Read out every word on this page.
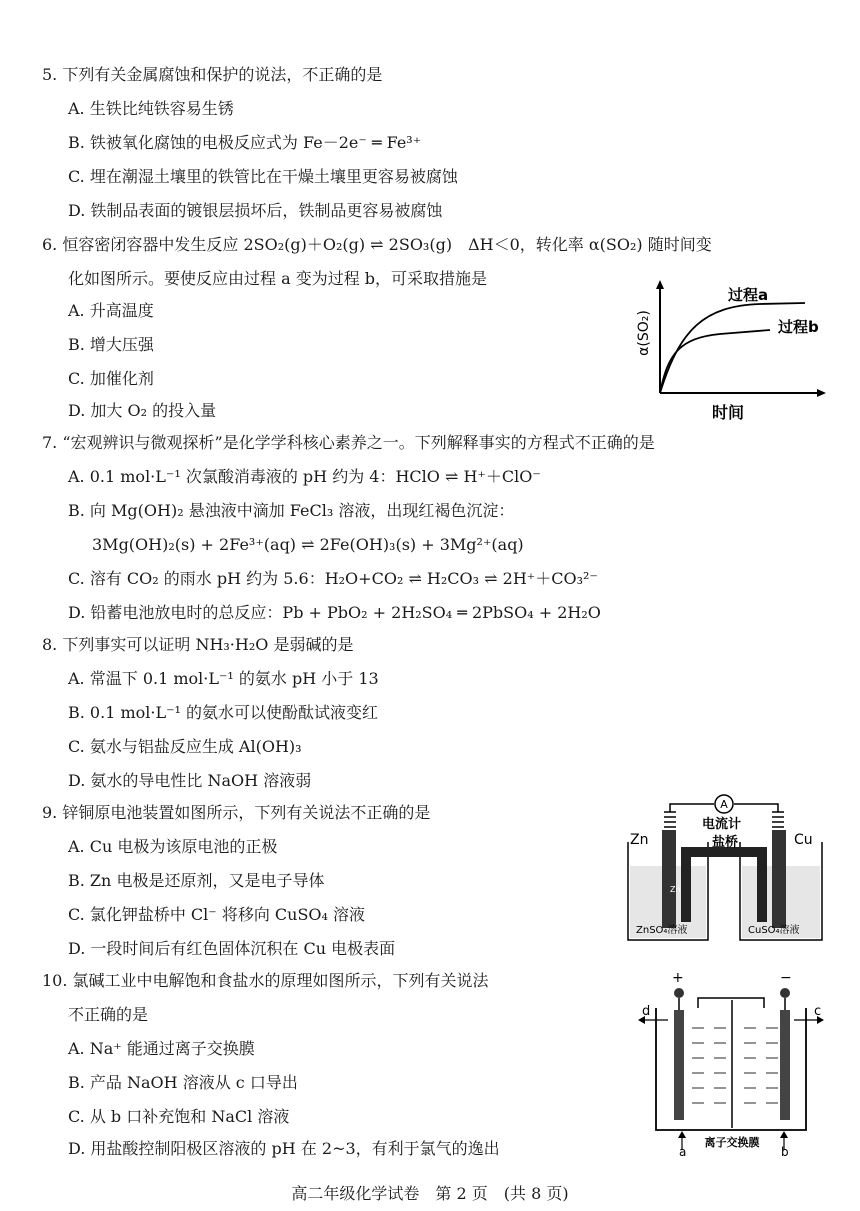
5. 下列有关金属腐蚀和保护的说法，不正确的是
A. 生铁比纯铁容易生锈
B. 铁被氧化腐蚀的电极反应式为 Fe－2e⁻ ═ Fe³⁺
C. 埋在潮湿土壤里的铁管比在干燥土壤里更容易被腐蚀
D. 铁制品表面的镀银层损坏后，铁制品更容易被腐蚀
6. 恒容密闭容器中发生反应 2SO₂(g)＋O₂(g) ⇌ 2SO₃(g)　ΔH＜0，转化率 α(SO₂) 随时间变
化如图所示。要使反应由过程 a 变为过程 b，可采取措施是
A. 升高温度
B. 增大压强
C. 加催化剂
D. 加大 O₂ 的投入量
α(SO₂)
时间
过程a
过程b
7. “宏观辨识与微观探析”是化学学科核心素养之一。下列解释事实的方程式不正确的是
A. 0.1 mol·L⁻¹ 次氯酸消毒液的 pH 约为 4：HClO ⇌ H⁺＋ClO⁻
B. 向 Mg(OH)₂ 悬浊液中滴加 FeCl₃ 溶液，出现红褐色沉淀：
3Mg(OH)₂(s) + 2Fe³⁺(aq) ⇌ 2Fe(OH)₃(s) + 3Mg²⁺(aq)
C. 溶有 CO₂ 的雨水 pH 约为 5.6：H₂O+CO₂ ⇌ H₂CO₃ ⇌ 2H⁺＋CO₃²⁻
D. 铅蓄电池放电时的总反应：Pb + PbO₂ + 2H₂SO₄ ═ 2PbSO₄ + 2H₂O
8. 下列事实可以证明 NH₃·H₂O 是弱碱的是
A. 常温下 0.1 mol·L⁻¹ 的氨水 pH 小于 13
B. 0.1 mol·L⁻¹ 的氨水可以使酚酞试液变红
C. 氨水与铝盐反应生成 Al(OH)₃
D. 氨水的导电性比 NaOH 溶液弱
9. 锌铜原电池装置如图所示，下列有关说法不正确的是
A. Cu 电极为该原电池的正极
B. Zn 电极是还原剂，又是电子导体
C. 氯化钾盐桥中 Cl⁻ 将移向 CuSO₄ 溶液
D. 一段时间后有红色固体沉积在 Cu 电极表面
A
电流计
盐桥
Zn	Cu
Zn
ZnSO₄溶液	CuSO₄溶液
10. 氯碱工业中电解饱和食盐水的原理如图所示，下列有关说法
不正确的是
A. Na⁺ 能通过离子交换膜
B. 产品 NaOH 溶液从 c 口导出
C. 从 b 口补充饱和 NaCl 溶液
D. 用盐酸控制阳极区溶液的 pH 在 2~3，有利于氯气的逸出
+	−
d	c
a	b
离子交换膜
高二年级化学试卷　第 2 页　(共 8 页)
